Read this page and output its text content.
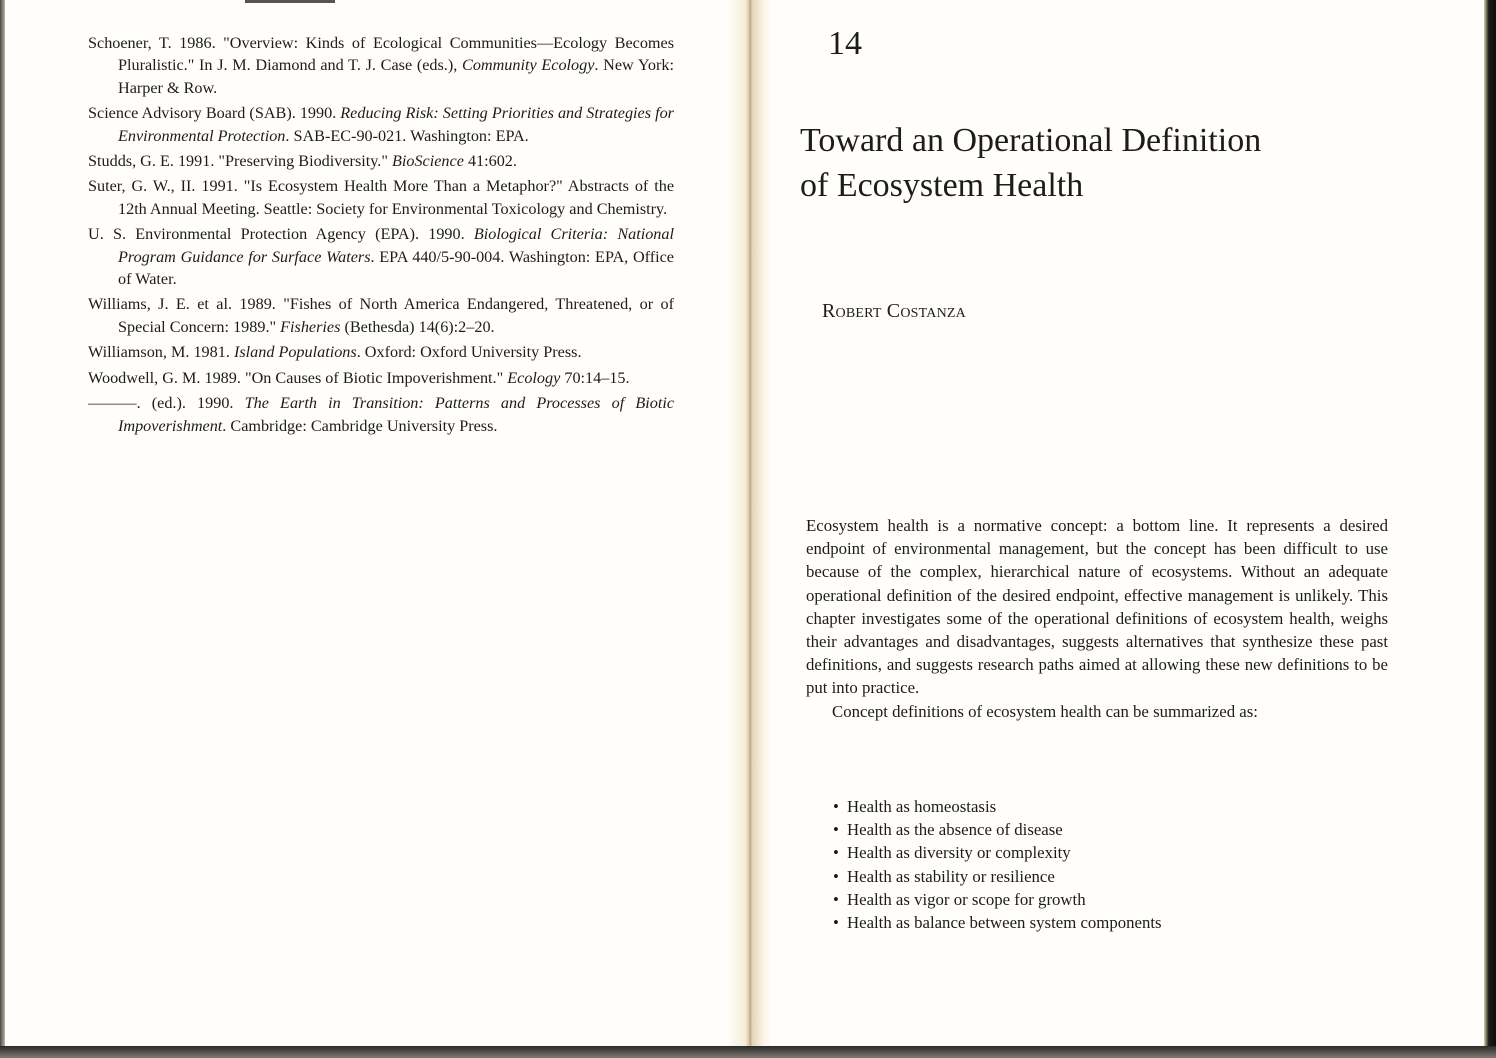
Schoener, T. 1986. "Overview: Kinds of Ecological Communities—Ecology Becomes Pluralistic." In J. M. Diamond and T. J. Case (eds.), Community Ecology. New York: Harper & Row.

Science Advisory Board (SAB). 1990. Reducing Risk: Setting Priorities and Strategies for Environmental Protection. SAB-EC-90-021. Washington: EPA.

Studds, G. E. 1991. "Preserving Biodiversity." BioScience 41:602.

Suter, G. W., II. 1991. "Is Ecosystem Health More Than a Metaphor?" Abstracts of the 12th Annual Meeting. Seattle: Society for Environmental Toxicology and Chemistry.

U. S. Environmental Protection Agency (EPA). 1990. Biological Criteria: National Program Guidance for Surface Waters. EPA 440/5-90-004. Washington: EPA, Office of Water.

Williams, J. E. et al. 1989. "Fishes of North America Endangered, Threatened, or of Special Concern: 1989." Fisheries (Bethesda) 14(6):2–20.

Williamson, M. 1981. Island Populations. Oxford: Oxford University Press.

Woodwell, G. M. 1989. "On Causes of Biotic Impoverishment." Ecology 70:14–15.

———. (ed.). 1990. The Earth in Transition: Patterns and Processes of Biotic Impoverishment. Cambridge: Cambridge University Press.

14
Toward an Operational Definition
of Ecosystem Health
Robert Costanza

Ecosystem health is a normative concept: a bottom line. It represents a desired endpoint of environmental management, but the concept has been difficult to use because of the complex, hierarchical nature of ecosystems. Without an adequate operational definition of the desired endpoint, effective management is unlikely. This chapter investigates some of the operational definitions of ecosystem health, weighs their advantages and disadvantages, suggests alternatives that synthesize these past definitions, and suggests research paths aimed at allowing these new definitions to be put into practice.

Concept definitions of ecosystem health can be summarized as:

• Health as homeostasis
• Health as the absence of disease
• Health as diversity or complexity
• Health as stability or resilience
• Health as vigor or scope for growth
• Health as balance between system components
